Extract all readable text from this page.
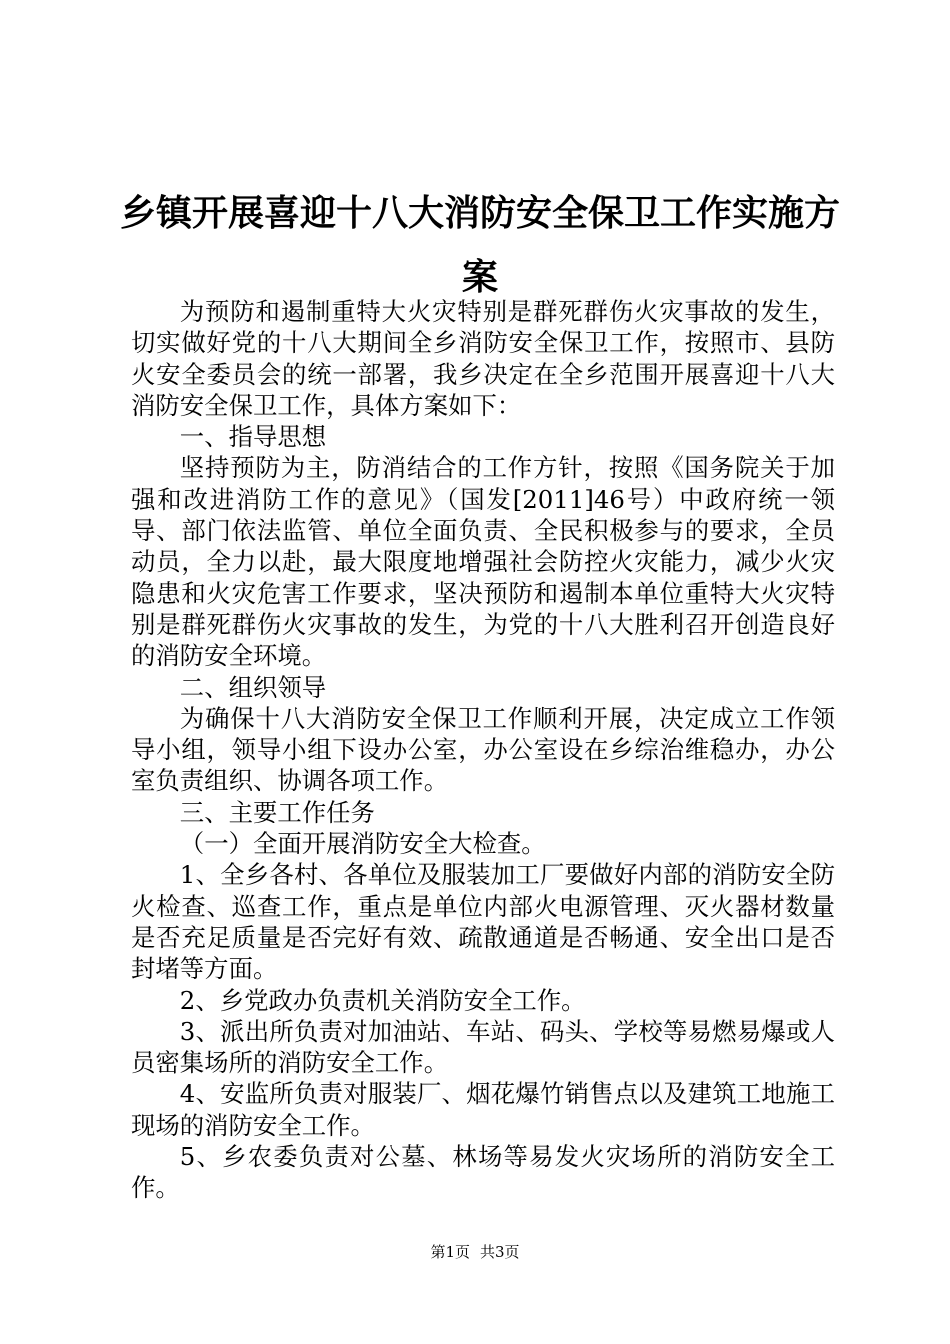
乡镇开展喜迎十八大消防安全保卫工作实施方案

为预防和遏制重特大火灾特别是群死群伤火灾事故的发生，切实做好党的十八大期间全乡消防安全保卫工作，按照市、县防火安全委员会的统一部署，我乡决定在全乡范围开展喜迎十八大消防安全保卫工作，具体方案如下：

一、指导思想

坚持预防为主，防消结合的工作方针，按照《国务院关于加强和改进消防工作的意见》（国发[2011]46号）中政府统一领导、部门依法监管、单位全面负责、全民积极参与的要求，全员动员，全力以赴，最大限度地增强社会防控火灾能力，减少火灾隐患和火灾危害工作要求，坚决预防和遏制本单位重特大火灾特别是群死群伤火灾事故的发生，为党的十八大胜利召开创造良好的消防安全环境。

二、组织领导

为确保十八大消防安全保卫工作顺利开展，决定成立工作领导小组，领导小组下设办公室，办公室设在乡综治维稳办，办公室负责组织、协调各项工作。

三、主要工作任务

（一）全面开展消防安全大检查。

1、全乡各村、各单位及服装加工厂要做好内部的消防安全防火检查、巡查工作，重点是单位内部火电源管理、灭火器材数量是否充足质量是否完好有效、疏散通道是否畅通、安全出口是否封堵等方面。

2、乡党政办负责机关消防安全工作。

3、派出所负责对加油站、车站、码头、学校等易燃易爆或人员密集场所的消防安全工作。

4、安监所负责对服装厂、烟花爆竹销售点以及建筑工地施工现场的消防安全工作。

5、乡农委负责对公墓、林场等易发火灾场所的消防安全工作。

第1页 共3页
